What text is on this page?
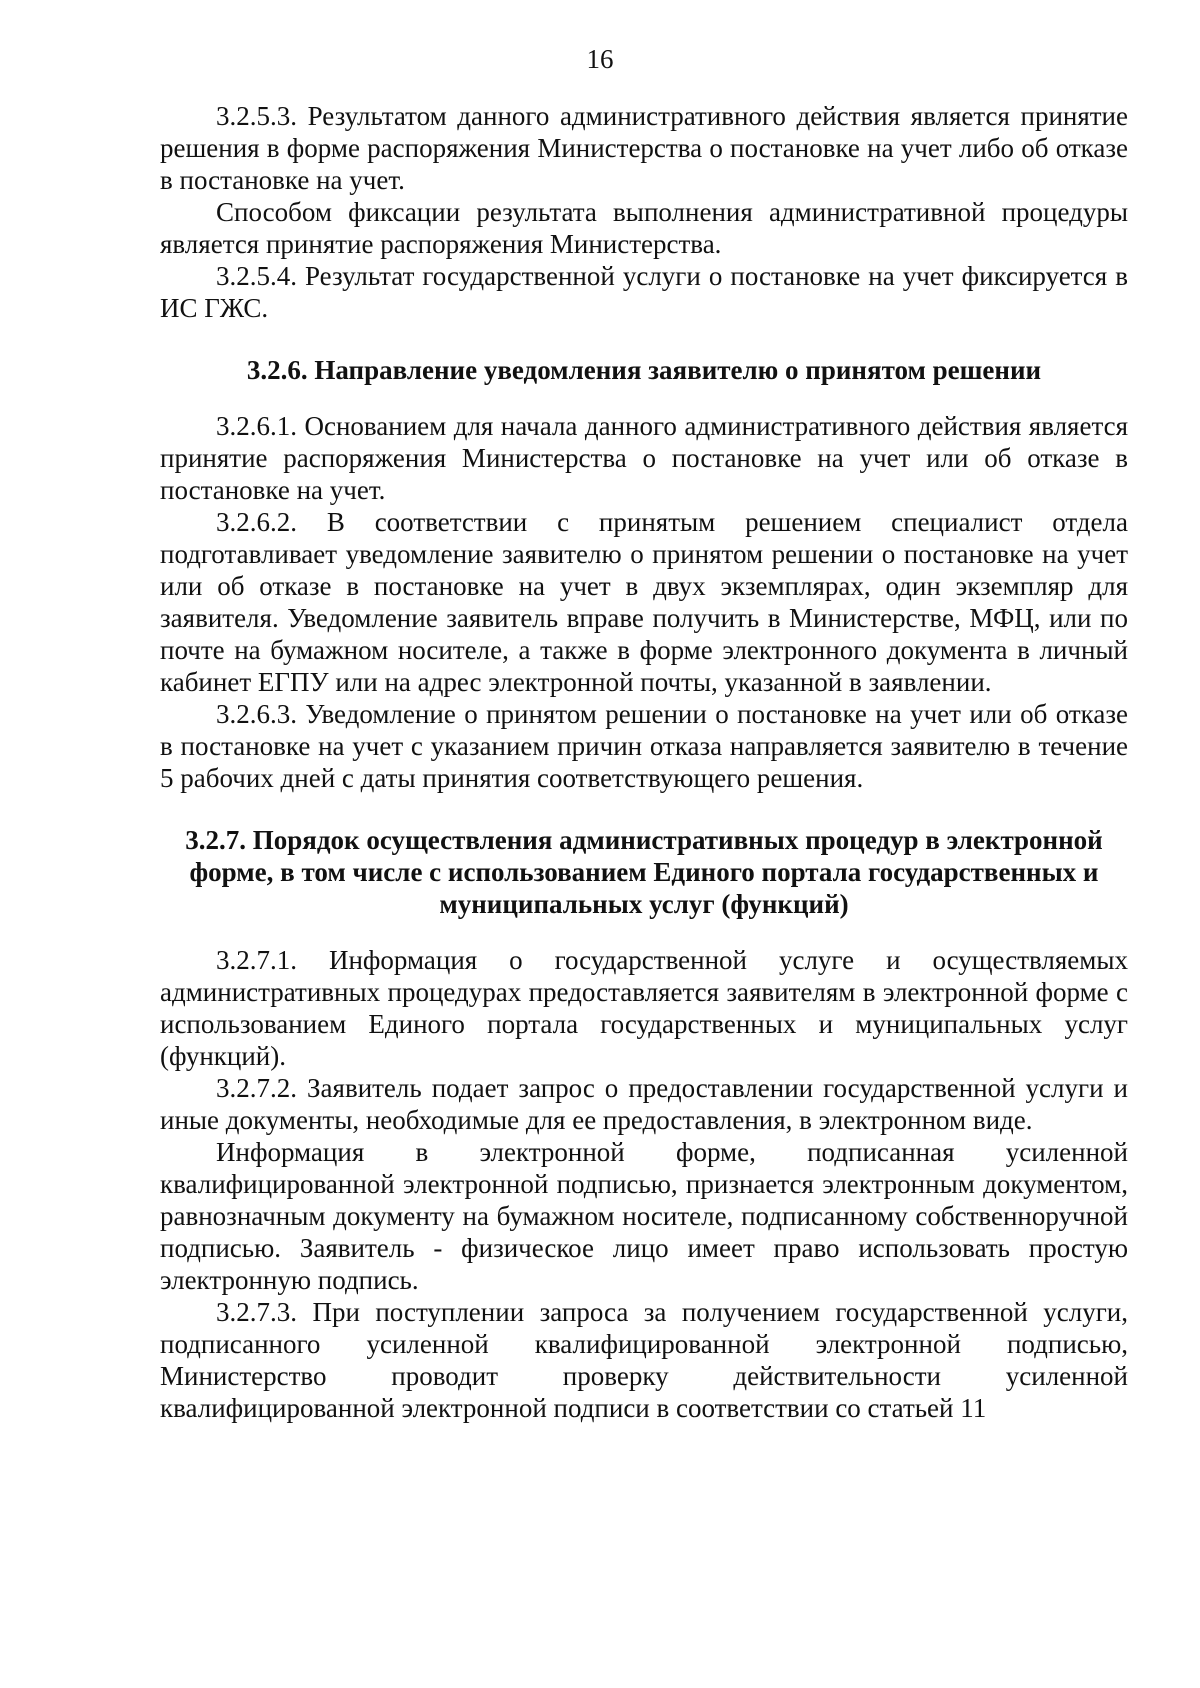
16

3.2.5.3. Результатом данного административного действия является принятие решения в форме распоряжения Министерства о постановке на учет либо об отказе в постановке на учет.

Способом фиксации результата выполнения административной процедуры является принятие распоряжения Министерства.

3.2.5.4. Результат государственной услуги о постановке на учет фиксируется в ИС ГЖС.

3.2.6. Направление уведомления заявителю о принятом решении

3.2.6.1. Основанием для начала данного административного действия является принятие распоряжения Министерства о постановке на учет или об отказе в постановке на учет.

3.2.6.2. В соответствии с принятым решением специалист отдела подготавливает уведомление заявителю о принятом решении о постановке на учет или об отказе в постановке на учет в двух экземплярах, один экземпляр для заявителя. Уведомление заявитель вправе получить в Министерстве, МФЦ, или по почте на бумажном носителе, а также в форме электронного документа в личный кабинет ЕГПУ или на адрес электронной почты, указанной в заявлении.

3.2.6.3. Уведомление о принятом решении о постановке на учет или об отказе в постановке на учет с указанием причин отказа направляется заявителю в течение 5 рабочих дней с даты принятия соответствующего решения.

3.2.7. Порядок осуществления административных процедур в электронной форме, в том числе с использованием Единого портала государственных и муниципальных услуг (функций)

3.2.7.1. Информация о государственной услуге и осуществляемых административных процедурах предоставляется заявителям в электронной форме с использованием Единого портала государственных и муниципальных услуг (функций).

3.2.7.2. Заявитель подает запрос о предоставлении государственной услуги и иные документы, необходимые для ее предоставления, в электронном виде.

Информация в электронной форме, подписанная усиленной квалифицированной электронной подписью, признается электронным документом, равнозначным документу на бумажном носителе, подписанному собственноручной подписью. Заявитель - физическое лицо имеет право использовать простую электронную подпись.

3.2.7.3. При поступлении запроса за получением государственной услуги, подписанного усиленной квалифицированной электронной подписью, Министерство проводит проверку действительности усиленной квалифицированной электронной подписи в соответствии со статьей 11
